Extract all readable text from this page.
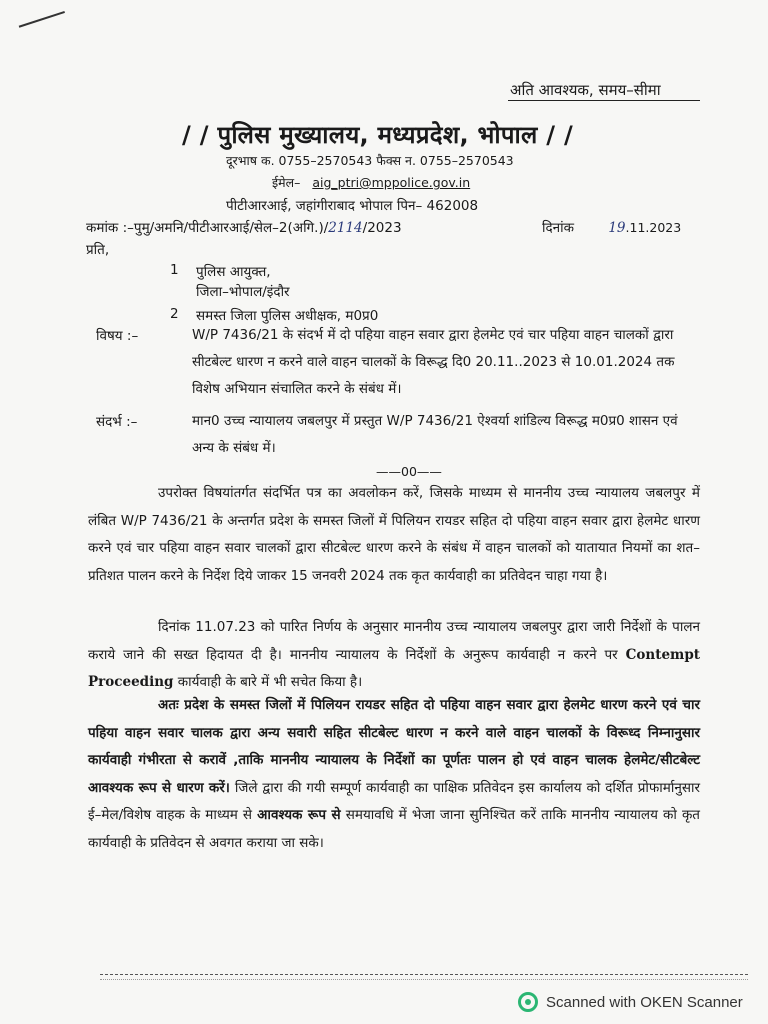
अति आवश्यक, समय–सीमा
/ / पुलिस मुख्यालय, मध्यप्रदेश, भोपाल / /
दूरभाष क. 0755–2570543 फैक्स न. 0755–2570543
ईमेल– aig_ptri@mppolice.gov.in
पीटीआरआई, जहांगीराबाद भोपाल पिन– 462008
कमांक :–पुमु/अमनि/पीटीआरआई/सेल–2(अगि.)/2114/2023	दिनांक	19.11.2023
प्रति,
1 पुलिस आयुक्त,
जिला–भोपाल/इंदौर
2 समस्त जिला पुलिस अधीक्षक, म0प्र0
विषय :–	W/P 7436/21 के संदर्भ में दो पहिया वाहन सवार द्वारा हेलमेट एवं चार पहिया वाहन चालकों द्वारा सीटबेल्ट धारण न करने वाले वाहन चालकों के विरूद्ध दि0 20.11..2023 से 10.01.2024 तक विशेष अभियान संचालित करने के संबंध में।
संदर्भ :–	मान0 उच्च न्यायालय जबलपुर में प्रस्तुत W/P 7436/21 ऐश्वर्या शांडिल्य विरूद्ध म0प्र0 शासन एवं अन्य के संबंध में।
——00——
उपरोक्त विषयांतर्गत संदर्भित पत्र का अवलोकन करें, जिसके माध्यम से माननीय उच्च न्यायालय जबलपुर में लंबित W/P 7436/21 के अन्तर्गत प्रदेश के समस्त जिलों में पिलियन रायडर सहित दो पहिया वाहन सवार द्वारा हेलमेट धारण करने एवं चार पहिया वाहन सवार चालकों द्वारा सीटबेल्ट धारण करने के संबंध में वाहन चालकों को यातायात नियमों का शत–प्रतिशत पालन करने के निर्देश दिये जाकर 15 जनवरी 2024 तक कृत कार्यवाही का प्रतिवेदन चाहा गया है।
दिनांक 11.07.23 को पारित निर्णय के अनुसार माननीय उच्च न्यायालय जबलपुर द्वारा जारी निर्देशों के पालन कराये जाने की सख्त हिदायत दी है। माननीय न्यायालय के निर्देशों के अनुरूप कार्यवाही न करने पर Contempt Proceeding कार्यवाही के बारे में भी सचेत किया है।
अतः प्रदेश के समस्त जिलों में पिलियन रायडर सहित दो पहिया वाहन सवार द्वारा हेलमेट धारण करने एवं चार पहिया वाहन सवार चालक द्वारा अन्य सवारी सहित सीटबेल्ट धारण न करने वाले वाहन चालकों के विरूध्द निम्नानुसार कार्यवाही गंभीरता से करावें ,ताकि माननीय न्यायालय के निर्देशों का पूर्णतः पालन हो एवं वाहन चालक हेलमेट/सीटबेल्ट आवश्यक रूप से धारण करें। जिले द्वारा की गयी सम्पूर्ण कार्यवाही का पाक्षिक प्रतिवेदन इस कार्यालय को दर्शित प्रोफार्मानुसार ई–मेल/विशेष वाहक के माध्यम से आवश्यक रूप से समयावधि में भेजा जाना सुनिश्चित करें ताकि माननीय न्यायालय को कृत कार्यवाही के प्रतिवेदन से अवगत कराया जा सके।
Scanned with OKEN Scanner
